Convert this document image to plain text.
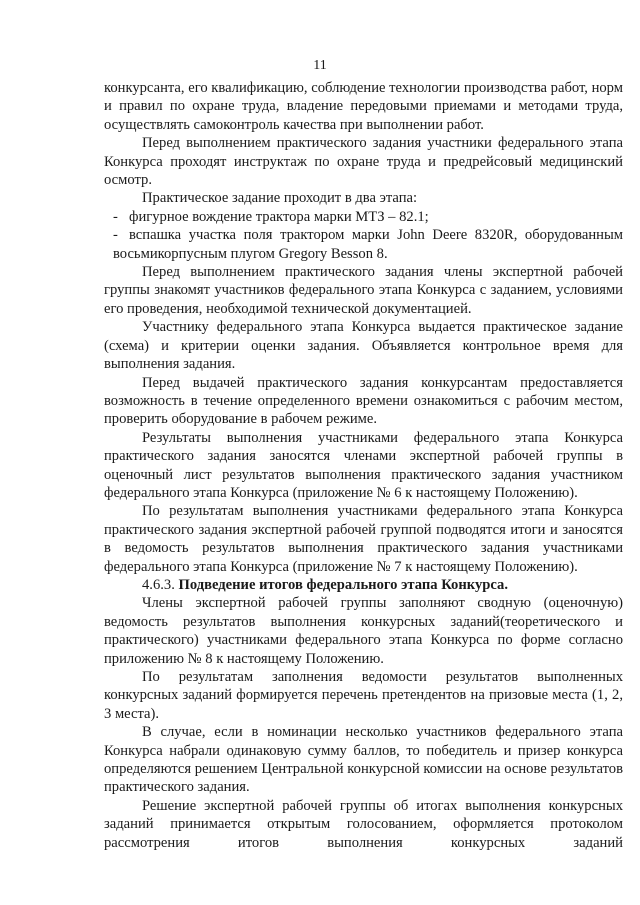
11

конкурсанта, его квалификацию, соблюдение технологии производства работ, норм и правил по охране труда, владение передовыми приемами и методами труда, осуществлять самоконтроль качества при выполнении работ.

Перед выполнением практического задания участники федерального этапа Конкурса проходят инструктаж по охране труда и предрейсовый медицинский осмотр.

Практическое задание проходит в два этапа:

- фигурное вождение трактора марки МТЗ – 82.1;

- вспашка участка поля трактором марки John Deere 8320R, оборудованным восьмикорпусным плугом Gregory Besson 8.

Перед выполнением практического задания члены экспертной рабочей группы знакомят участников федерального этапа Конкурса с заданием, условиями его проведения, необходимой технической документацией.

Участнику федерального этапа Конкурса выдается практическое задание (схема) и критерии оценки задания. Объявляется контрольное время для выполнения задания.

Перед выдачей практического задания конкурсантам предоставляется возможность в течение определенного времени ознакомиться с рабочим местом, проверить оборудование в рабочем режиме.

Результаты выполнения участниками федерального этапа Конкурса практического задания заносятся членами экспертной рабочей группы в оценочный лист результатов выполнения практического задания участником федерального этапа Конкурса (приложение № 6 к настоящему Положению).

По результатам выполнения участниками федерального этапа Конкурса практического задания экспертной рабочей группой подводятся итоги и заносятся в ведомость результатов выполнения практического задания участниками федерального этапа Конкурса (приложение № 7 к настоящему Положению).

4.6.3. Подведение итогов федерального этапа Конкурса.

Члены экспертной рабочей группы заполняют сводную (оценочную) ведомость результатов выполнения конкурсных заданий(теоретического и практического) участниками федерального этапа Конкурса по форме согласно приложению № 8 к настоящему Положению.

По результатам заполнения ведомости результатов выполненных конкурсных заданий формируется перечень претендентов на призовые места (1, 2, 3 места).

В случае, если в номинации несколько участников федерального этапа Конкурса набрали одинаковую сумму баллов, то победитель и призер конкурса определяются решением Центральной конкурсной комиссии на основе результатов практического задания.

Решение экспертной рабочей группы об итогах выполнения конкурсных заданий принимается открытым голосованием, оформляется протоколом рассмотрения итогов выполнения конкурсных заданий
